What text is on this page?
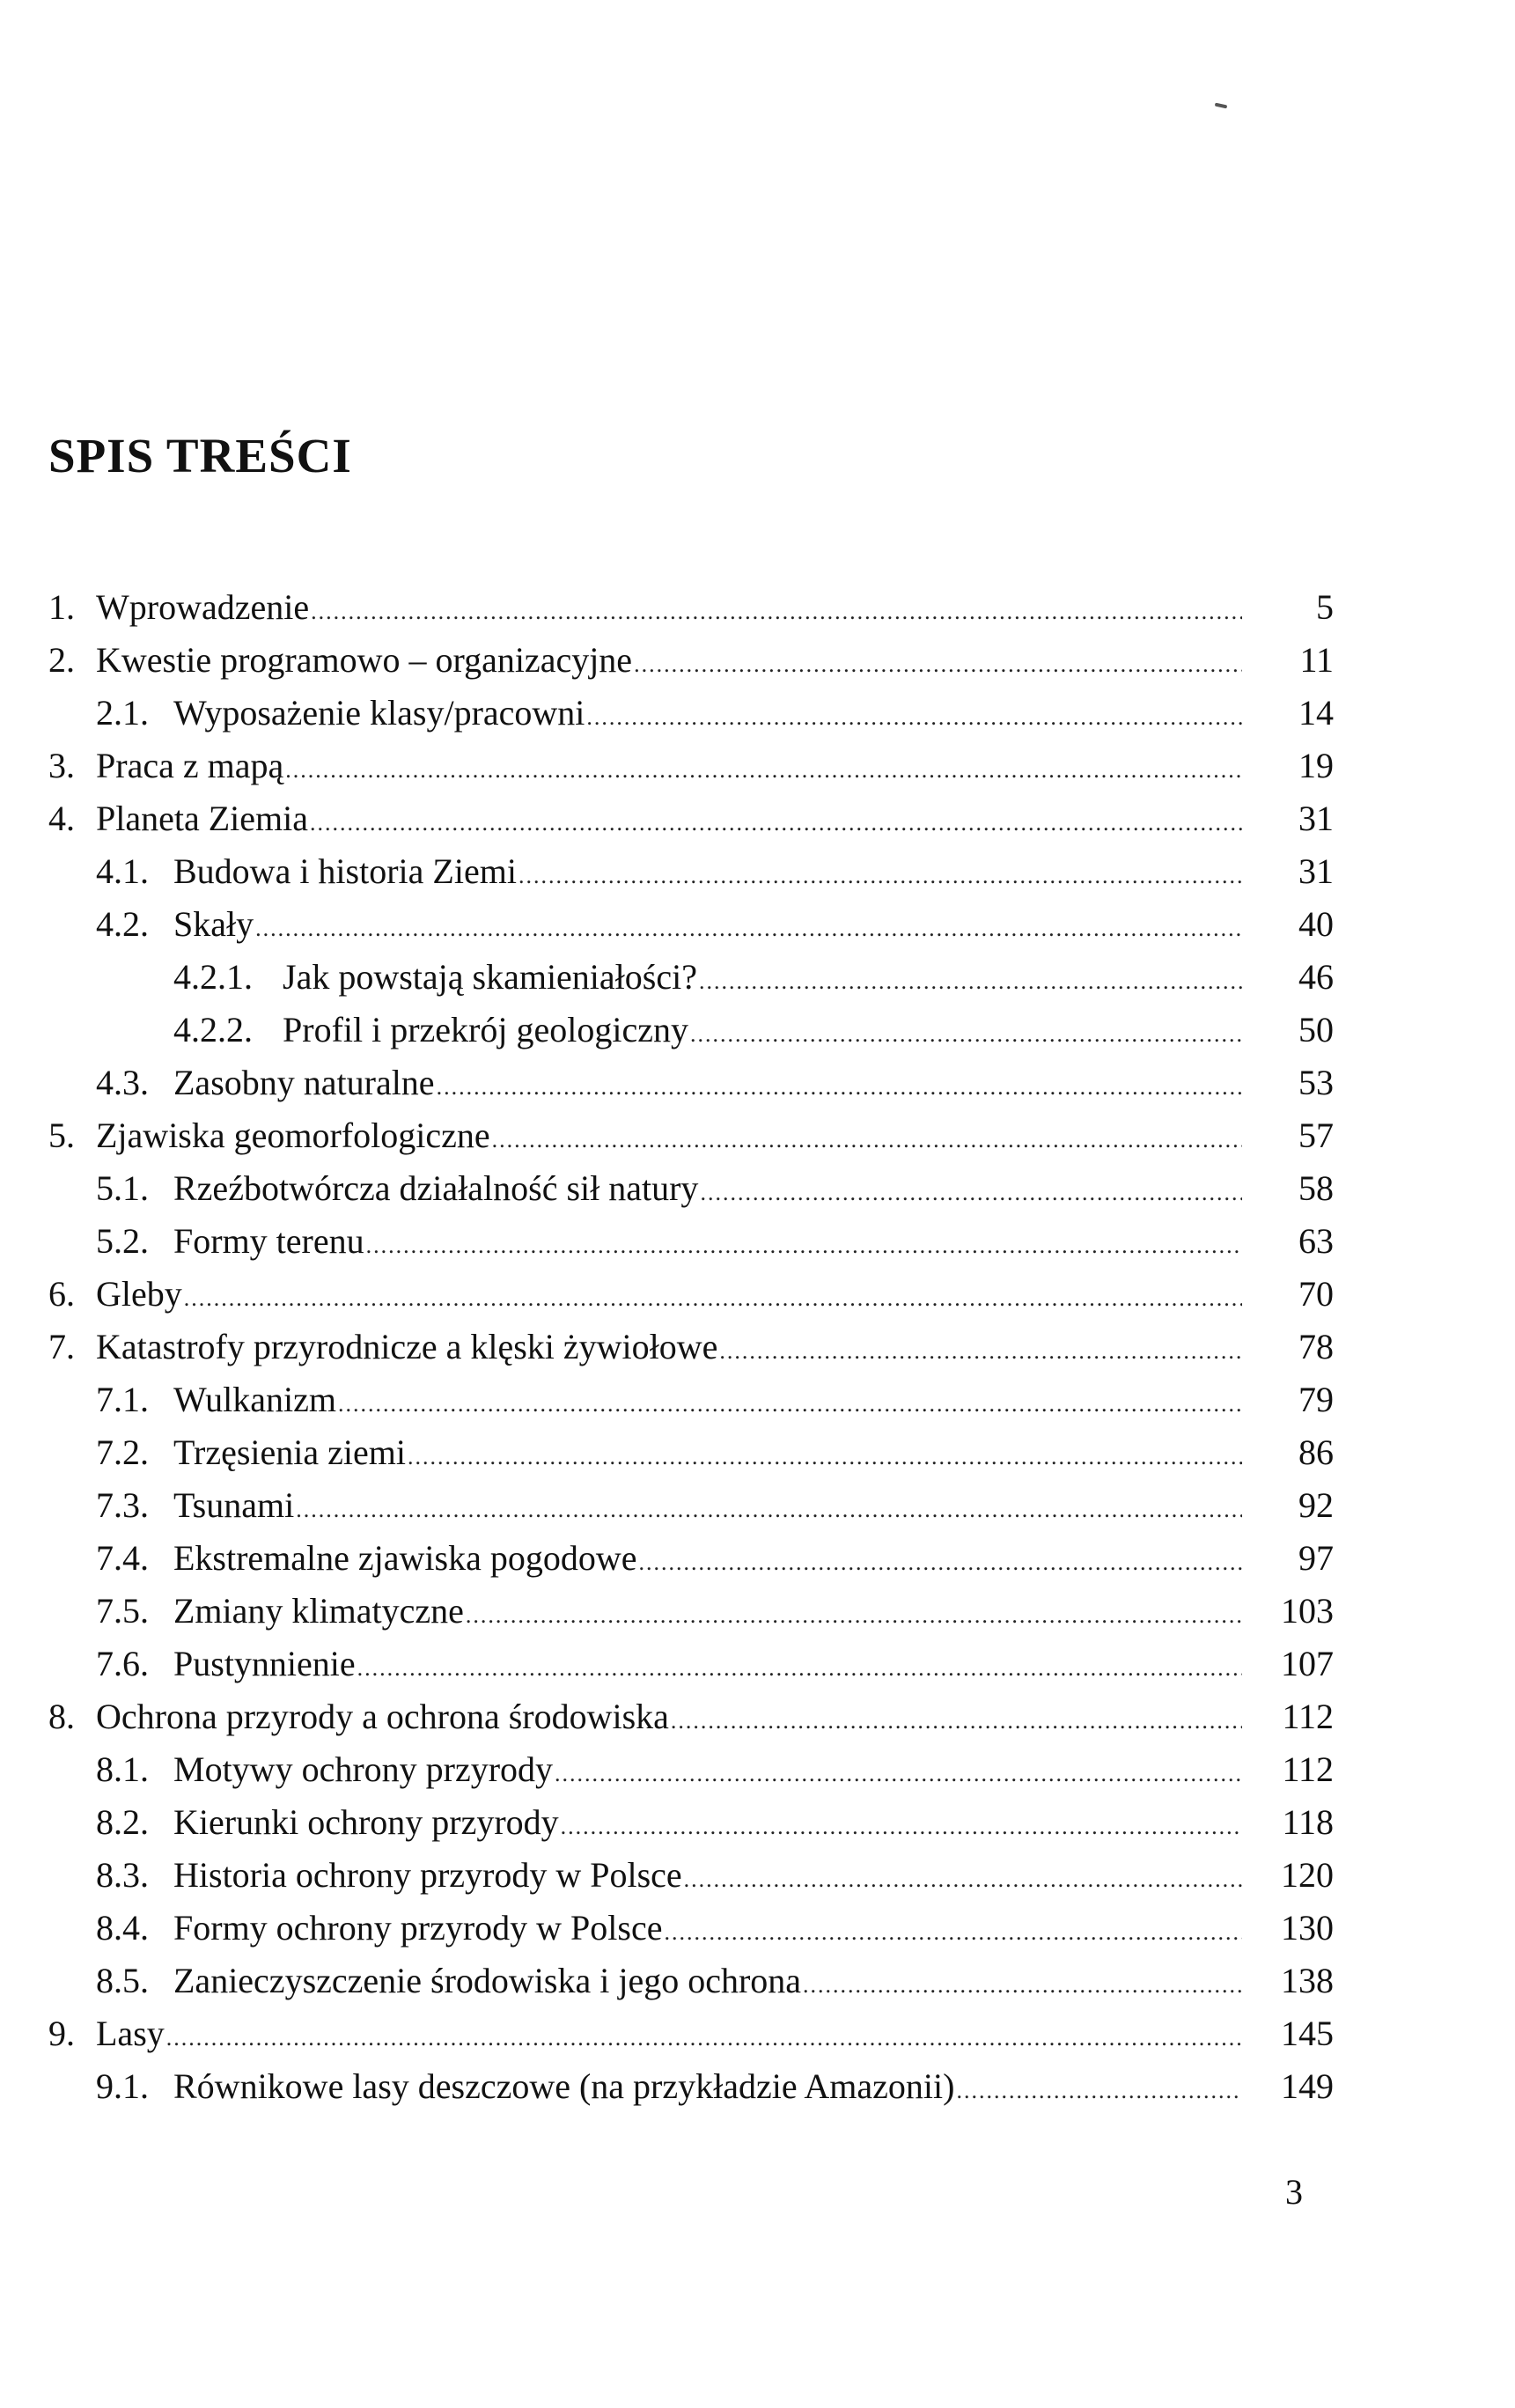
SPIS TREŚCI
1. Wprowadzenie .....	5
2. Kwestie programowo – organizacyjne .....	11
2.1. Wyposażenie klasy/pracowni .....	14
3. Praca z mapą .....	19
4. Planeta Ziemia .....	31
4.1. Budowa i historia Ziemi .....	31
4.2. Skały .....	40
4.2.1. Jak powstają skamieniałości? .....	46
4.2.2. Profil i przekrój geologiczny .....	50
4.3. Zasobny naturalne .....	53
5. Zjawiska geomorfologiczne .....	57
5.1. Rzeźbotwórcza działalność sił natury .....	58
5.2. Formy terenu .....	63
6. Gleby .....	70
7. Katastrofy przyrodnicze a klęski żywiołowe .....	78
7.1. Wulkanizm .....	79
7.2. Trzęsienia ziemi .....	86
7.3. Tsunami .....	92
7.4. Ekstremalne zjawiska pogodowe .....	97
7.5. Zmiany klimatyczne .....	103
7.6. Pustynnienie .....	107
8. Ochrona przyrody a ochrona środowiska .....	112
8.1. Motywy ochrony przyrody .....	112
8.2. Kierunki ochrony przyrody .....	118
8.3. Historia ochrony przyrody w Polsce .....	120
8.4. Formy ochrony przyrody w Polsce .....	130
8.5. Zanieczyszczenie środowiska i jego ochrona .....	138
9. Lasy .....	145
9.1. Równikowe lasy deszczowe (na przykładzie Amazonii) .....	149

3
